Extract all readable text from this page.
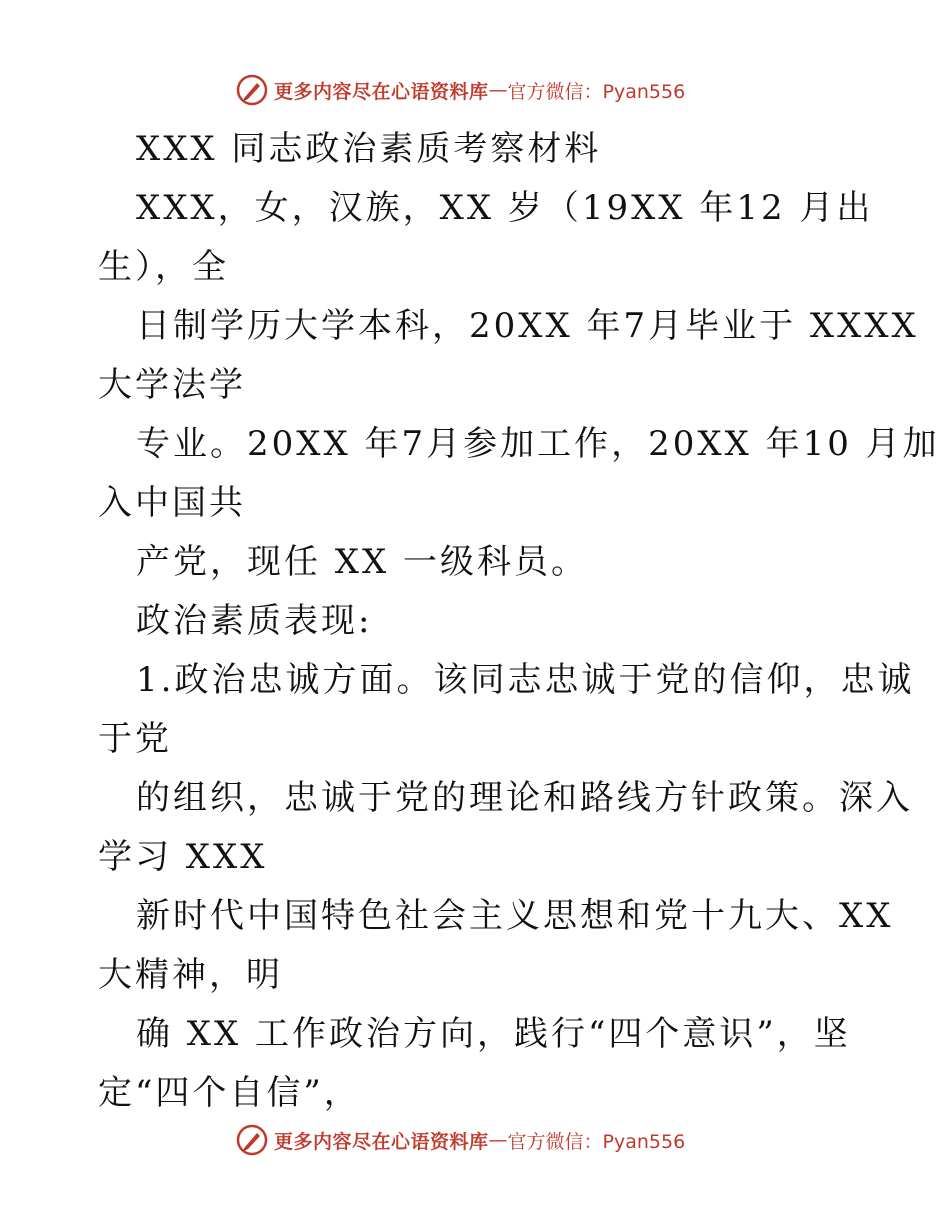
更多内容尽在心语资料库 — 官方微信：Pyan556
XXX 同志政治素质考察材料
XXX，女，汉族，XX 岁（19XX 年12 月出
生），全
日制学历大学本科，20XX 年7月毕业于 XXXX
大学法学
专业。20XX 年7月参加工作，20XX 年10 月加
入中国共
产党，现任 XX 一级科员。
政治素质表现:
1.政治忠诚方面。该同志忠诚于党的信仰，忠诚
于党
的组织，忠诚于党的理论和路线方针政策。深入
学习 XXX
新时代中国特色社会主义思想和党十九大、XX
大精神，明
确 XX 工作政治方向，践行“四个意识”，坚
定“四个自信”，
更多内容尽在心语资料库 — 官方微信：Pyan556
